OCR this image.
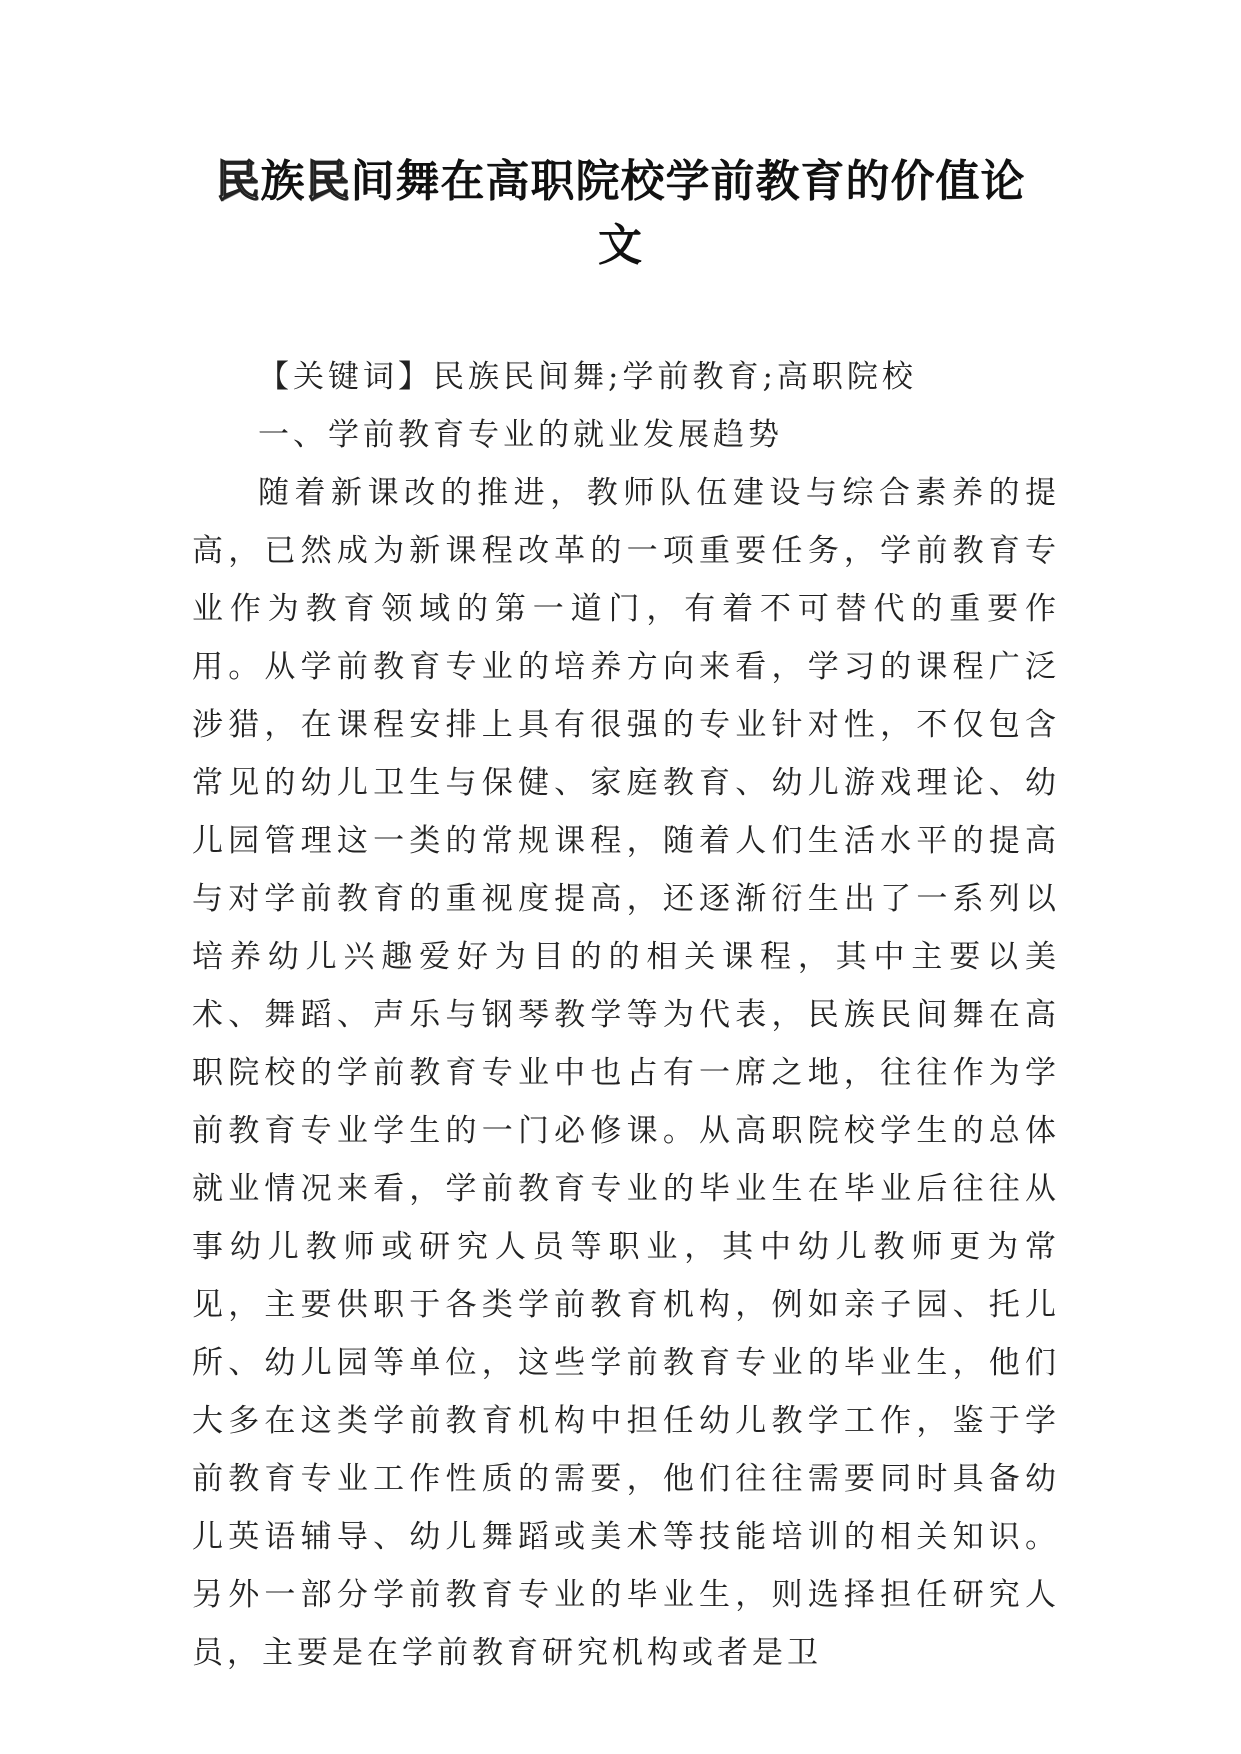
民族民间舞在高职院校学前教育的价值论
文

【关键词】民族民间舞;学前教育;高职院校

一、学前教育专业的就业发展趋势

随着新课改的推进，教师队伍建设与综合素养的提高，已然成为新课程改革的一项重要任务，学前教育专业作为教育领域的第一道门，有着不可替代的重要作用。从学前教育专业的培养方向来看，学习的课程广泛涉猎，在课程安排上具有很强的专业针对性，不仅包含常见的幼儿卫生与保健、家庭教育、幼儿游戏理论、幼儿园管理这一类的常规课程，随着人们生活水平的提高与对学前教育的重视度提高，还逐渐衍生出了一系列以培养幼儿兴趣爱好为目的的相关课程，其中主要以美术、舞蹈、声乐与钢琴教学等为代表，民族民间舞在高职院校的学前教育专业中也占有一席之地，往往作为学前教育专业学生的一门必修课。从高职院校学生的总体就业情况来看，学前教育专业的毕业生在毕业后往往从事幼儿教师或研究人员等职业，其中幼儿教师更为常见，主要供职于各类学前教育机构，例如亲子园、托儿所、幼儿园等单位，这些学前教育专业的毕业生，他们大多在这类学前教育机构中担任幼儿教学工作，鉴于学前教育专业工作性质的需要，他们往往需要同时具备幼儿英语辅导、幼儿舞蹈或美术等技能培训的相关知识。另外一部分学前教育专业的毕业生，则选择担任研究人员，主要是在学前教育研究机构或者是卫
